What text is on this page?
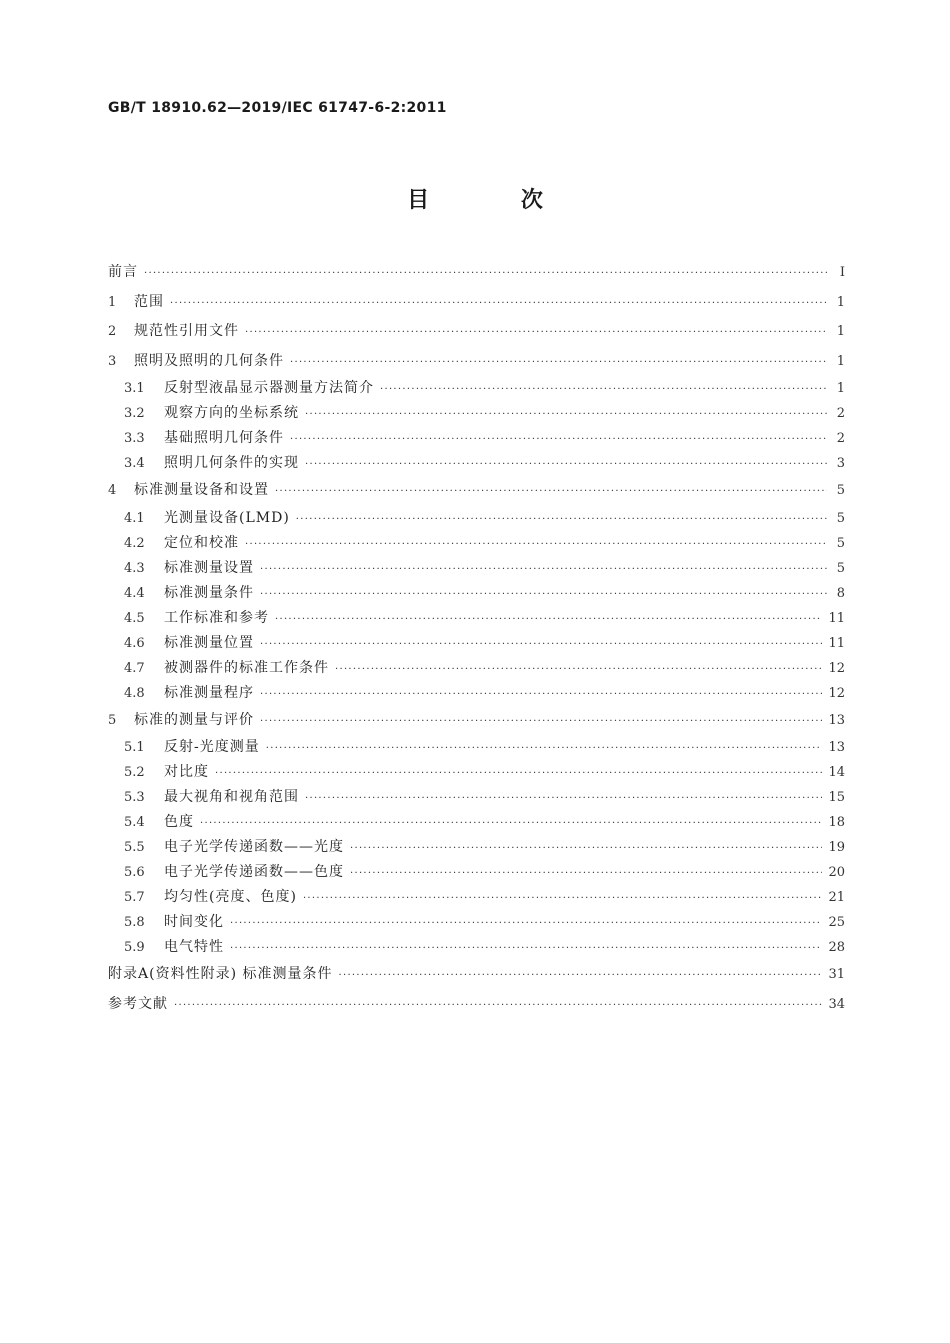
GB/T 18910.62—2019/IEC 61747-6-2:2011
目 次
前言 ·····	Ⅰ
1	范围 ·····	1
2	规范性引用文件 ·····	1
3	照明及照明的几何条件 ·····	1
3.1	反射型液晶显示器测量方法简介 ·····	1
3.2	观察方向的坐标系统 ·····	2
3.3	基础照明几何条件 ·····	2
3.4	照明几何条件的实现 ·····	3
4	标准测量设备和设置 ·····	5
4.1	光测量设备(LMD) ·····	5
4.2	定位和校准 ·····	5
4.3	标准测量设置 ·····	5
4.4	标准测量条件 ·····	8
4.5	工作标准和参考 ·····	11
4.6	标准测量位置 ·····	11
4.7	被测器件的标准工作条件 ·····	12
4.8	标准测量程序 ·····	12
5	标准的测量与评价 ·····	13
5.1	反射-光度测量 ·····	13
5.2	对比度 ·····	14
5.3	最大视角和视角范围 ·····	15
5.4	色度 ·····	18
5.5	电子光学传递函数——光度 ·····	19
5.6	电子光学传递函数——色度 ·····	20
5.7	均匀性(亮度、色度) ·····	21
5.8	时间变化 ·····	25
5.9	电气特性 ·····	28
附录A(资料性附录) 标准测量条件 ·····	31
参考文献 ·····	34
